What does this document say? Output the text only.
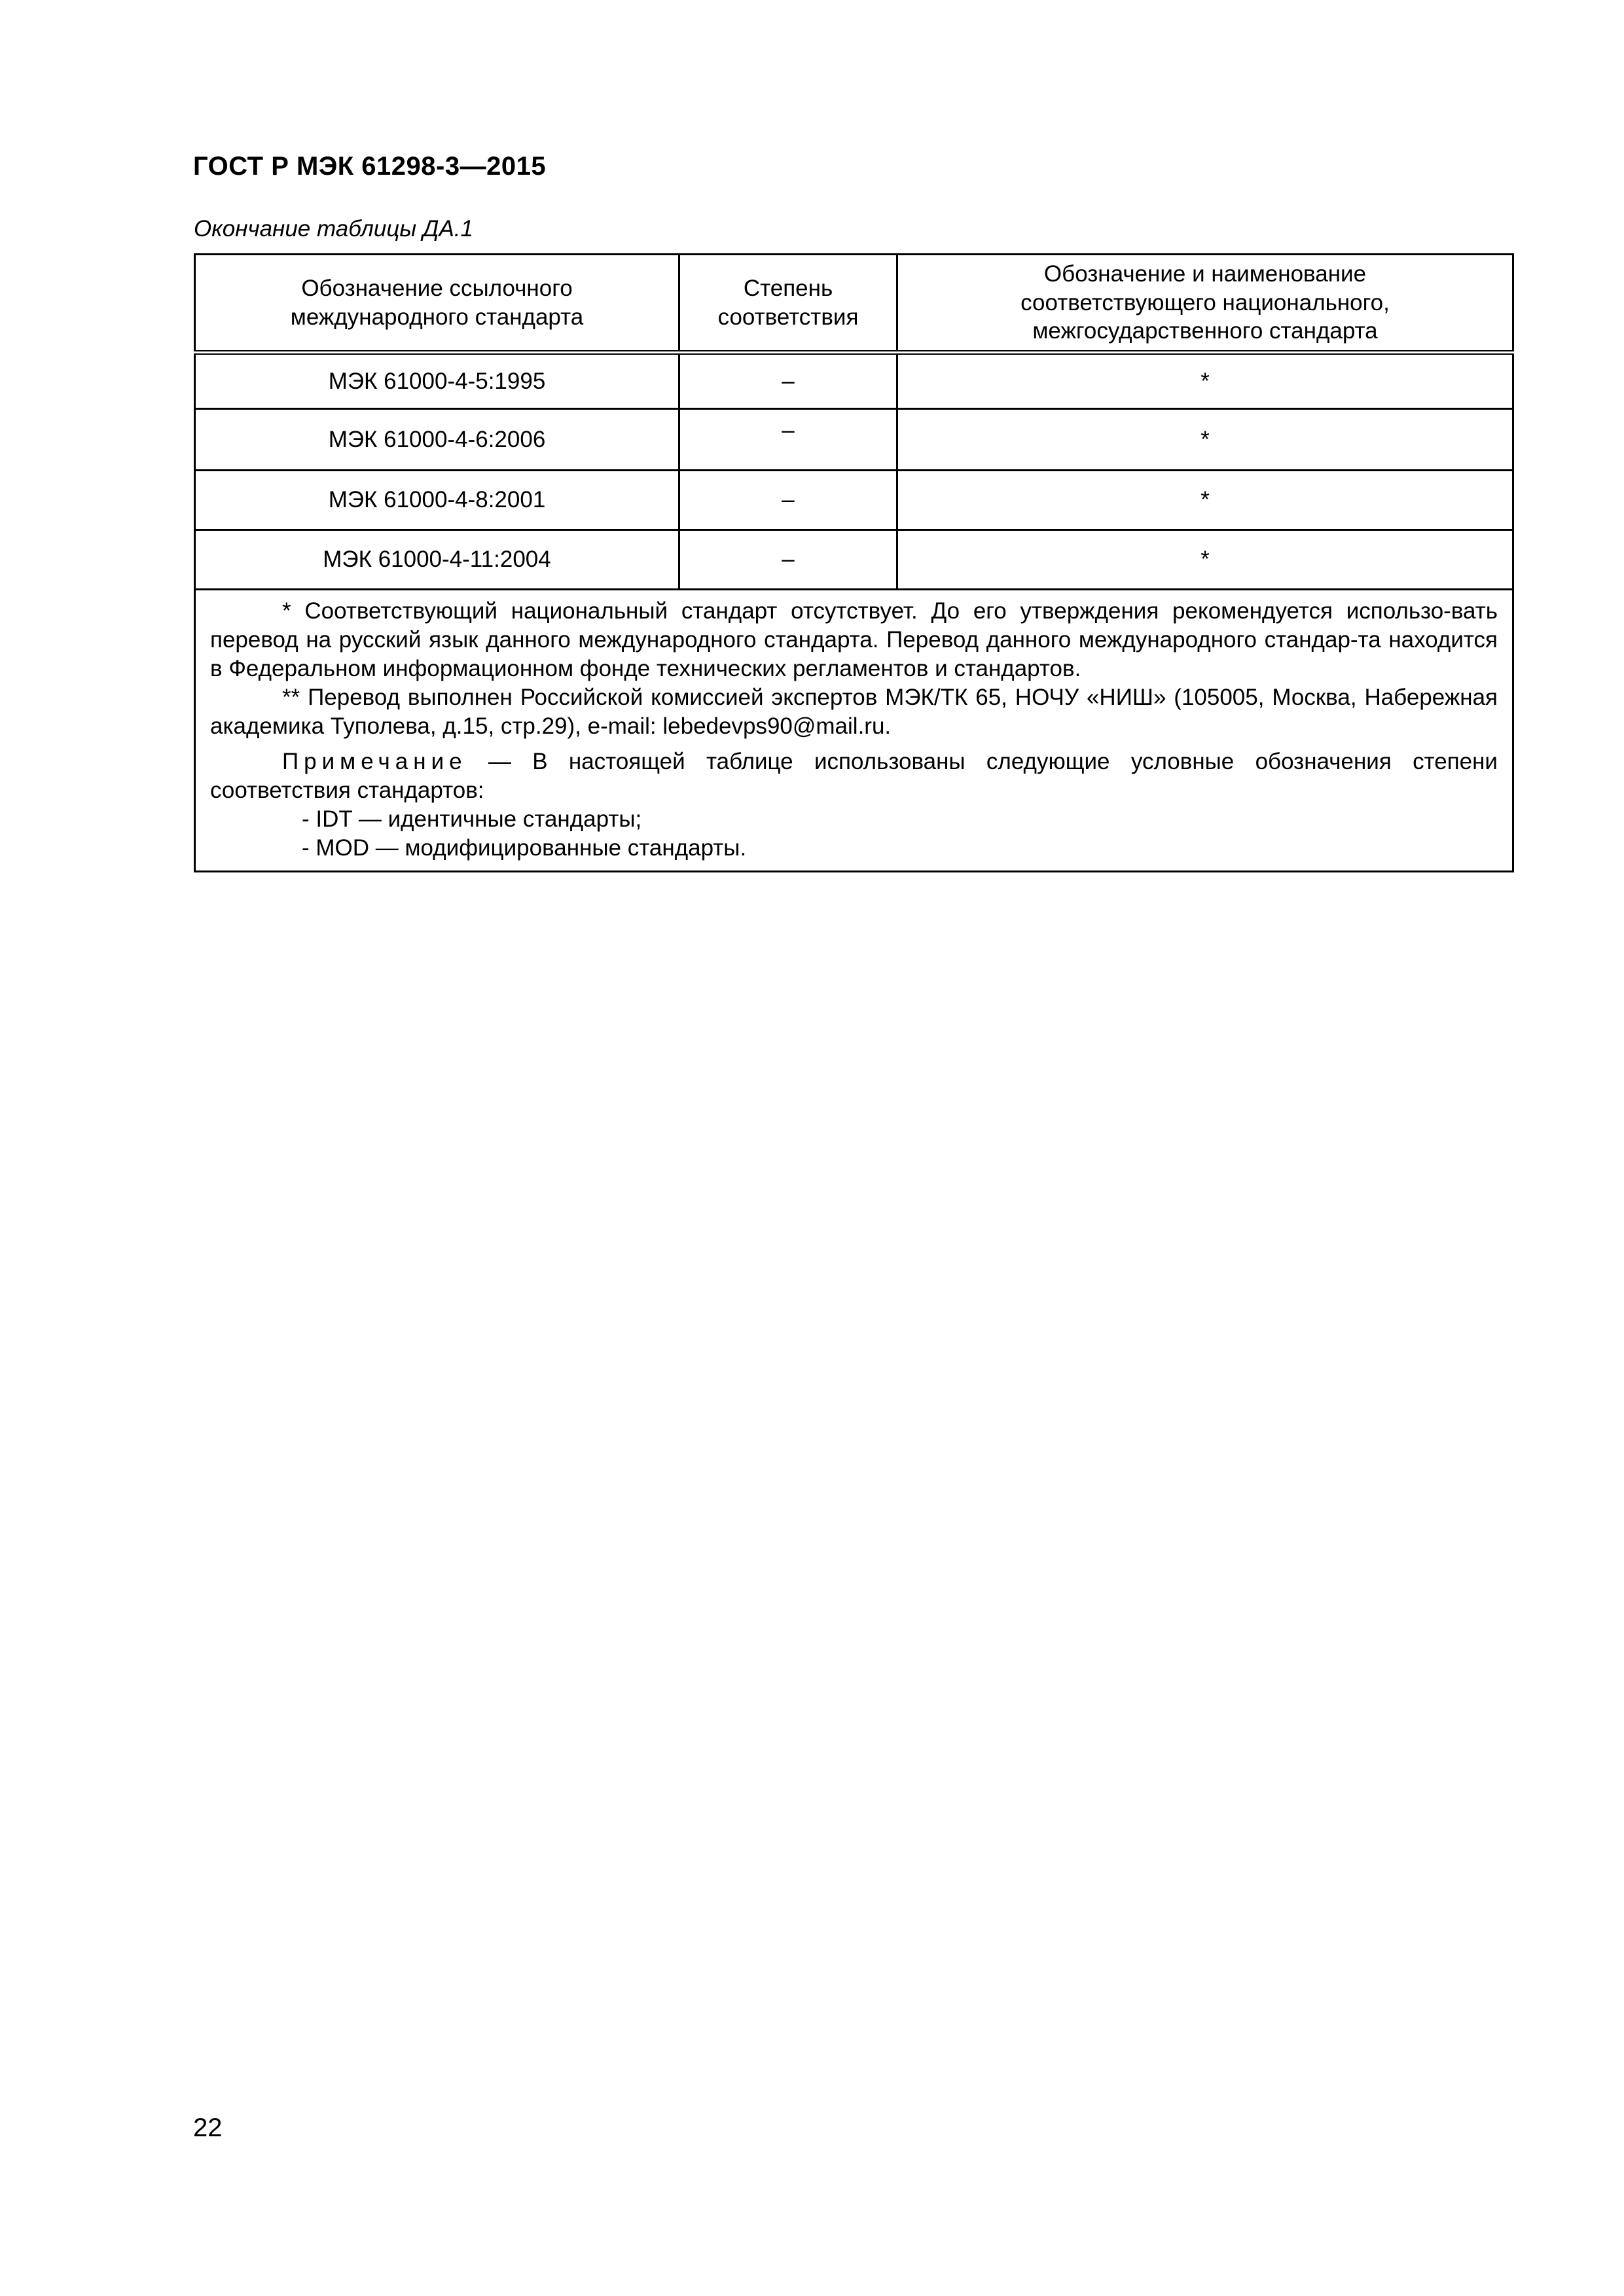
ГОСТ Р МЭК 61298-3—2015
Окончание таблицы ДА.1
Обозначение ссылочного международного стандарта	Степень соответствия	Обозначение и наименование соответствующего национального, межгосударственного стандарта

МЭК 61000-4-5:1995	–	*
МЭК 61000-4-6:2006	–	*
МЭК 61000-4-8:2001	–	*
МЭК 61000-4-11:2004	–	*

* Соответствующий национальный стандарт отсутствует. До его утверждения рекомендуется использо-вать перевод на русский язык данного международного стандарта. Перевод данного международного стандар-та находится в Федеральном информационном фонде технических регламентов и стандартов.

** Перевод выполнен Российской комиссией экспертов МЭК/ТК 65, НОЧУ «НИШ» (105005, Москва, Набережная академика Туполева, д.15, стр.29), e-mail: lebedevps90@mail.ru.

Примечание — В настоящей таблице использованы следующие условные обозначения степени соответствия стандартов:

- IDT — идентичные стандарты;

- MOD — модифицированные стандарты.		

22
